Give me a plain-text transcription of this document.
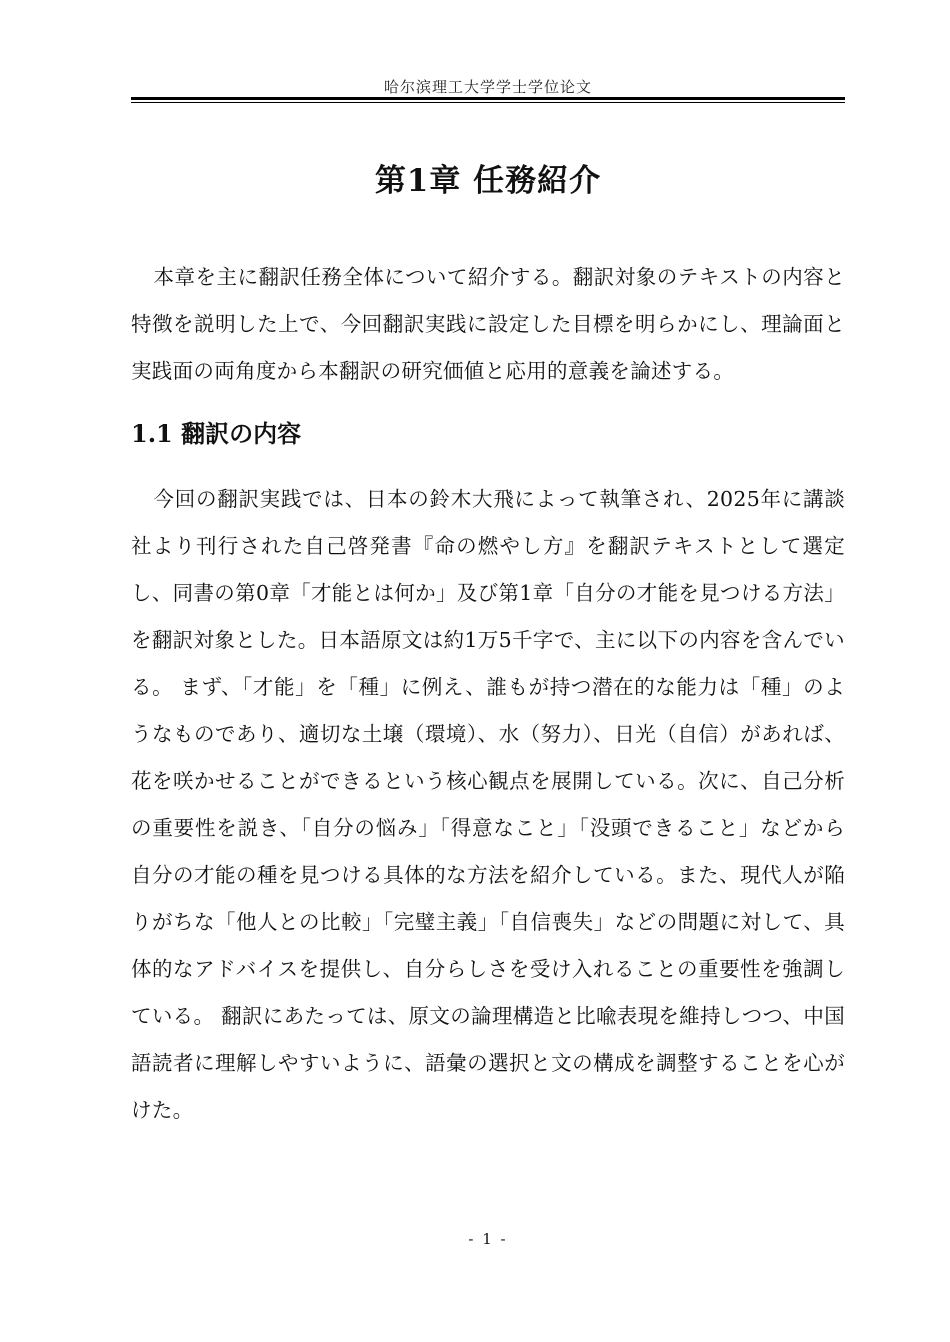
哈尔滨理工大学学士学位论文
第1章 任務紹介

本章を主に翻訳任務全体について紹介する。翻訳対象のテキストの内容と特徴を説明した上で、今回翻訳実践に設定した目標を明らかにし、理論面と実践面の両角度から本翻訳の研究価値と応用的意義を論述する。

1.1 翻訳の内容

今回の翻訳実践では、日本の鈴木大飛によって執筆され、2025年に講談社より刊行された自己啓発書『命の燃やし方』を翻訳テキストとして選定し、同書の第0章「才能とは何か」及び第1章「自分の才能を見つける方法」を翻訳対象とした。日本語原文は約1万5千字で、主に以下の内容を含んでいる。 まず、「才能」を「種」に例え、誰もが持つ潜在的な能力は「種」のようなものであり、適切な土壌（環境）、水（努力）、日光（自信）があれば、花を咲かせることができるという核心観点を展開している。次に、自己分析の重要性を説き、「自分の悩み」「得意なこと」「没頭できること」などから自分の才能の種を見つける具体的な方法を紹介している。また、現代人が陥りがちな「他人との比較」「完璧主義」「自信喪失」などの問題に対して、具体的なアドバイスを提供し、自分らしさを受け入れることの重要性を強調している。 翻訳にあたっては、原文の論理構造と比喩表現を維持しつつ、中国語読者に理解しやすいように、語彙の選択と文の構成を調整することを心がけた。

- 1 -
